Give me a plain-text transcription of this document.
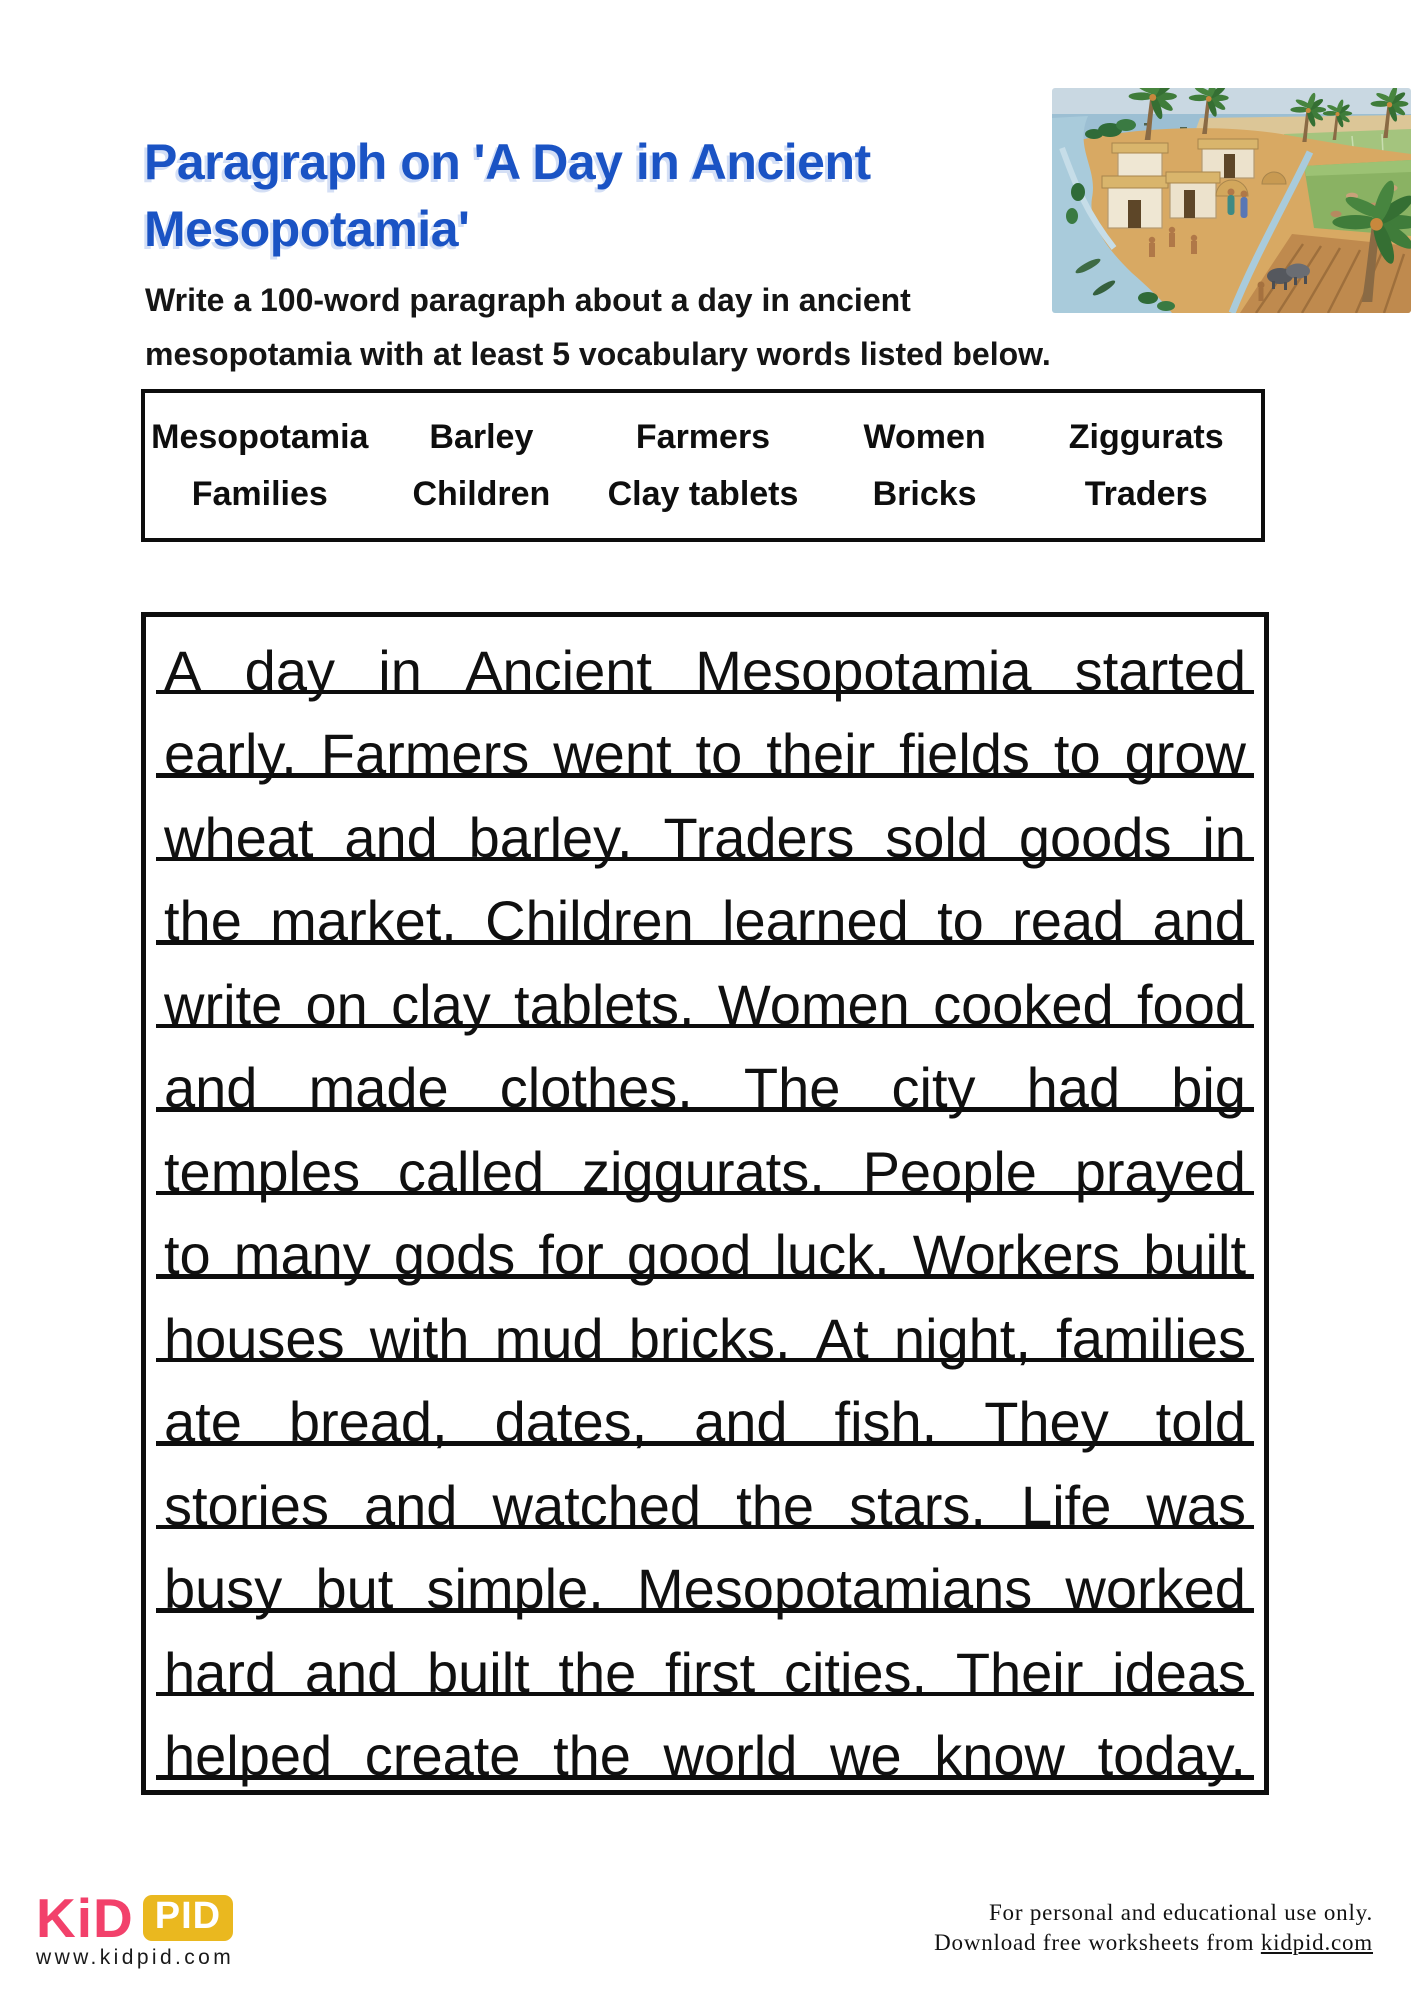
Paragraph on 'A Day in Ancient
Mesopotamia'
Write a 100-word paragraph about a day in ancient
mesopotamia with at least 5 vocabulary words listed below.
Mesopotamia	Barley	Farmers	Women	Ziggurats
Families	Children	Clay tablets	Bricks	Traders
A day in Ancient Mesopotamia started
early. Farmers went to their fields to grow
wheat and barley. Traders sold goods in
the market. Children learned to read and
write on clay tablets. Women cooked food
and made clothes. The city had big
temples called ziggurats. People prayed
to many gods for good luck. Workers built
houses with mud bricks. At night, families
ate bread, dates, and fish. They told
stories and watched the stars. Life was
busy but simple. Mesopotamians worked
hard and built the first cities. Their ideas
helped create the world we know today.
KiD PID
www.kidpid.com
For personal and educational use only.
Download free worksheets from kidpid.com
